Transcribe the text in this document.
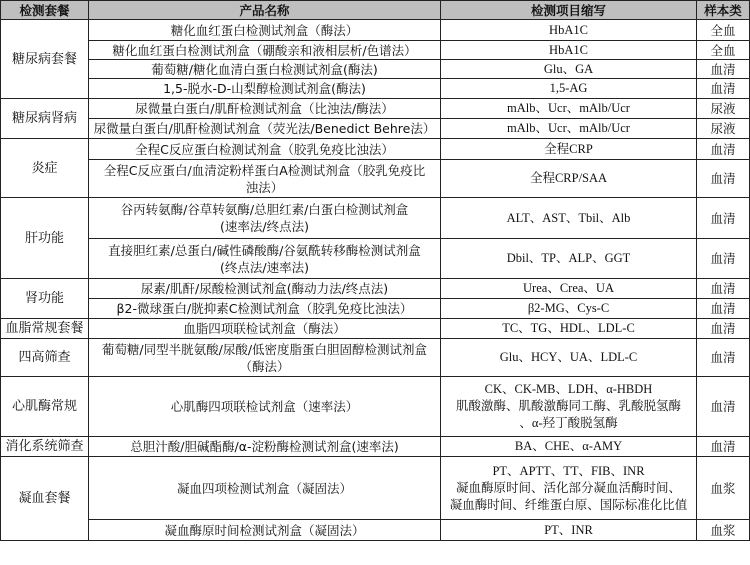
检测套餐	产品名称	检测项目缩写	样本类
糖尿病套餐	糖化血红蛋白检测试剂盒（酶法）	HbA1C	全血

	糖化血红蛋白检测试剂盒（硼酸亲和液相层析/色谱法）	HbA1C	全血

	葡萄糖/糖化血清白蛋白检测试剂盒(酶法)	Glu、GA	血清

	1,5-脱水-D-山梨醇检测试剂盒(酶法)	1,5-AG	血清
糖尿病肾病	尿微量白蛋白/肌酐检测试剂盒（比浊法/酶法）	mAlb、Ucr、mAlb/Ucr	尿液

	尿微量白蛋白/肌酐检测试剂盒（荧光法/Benedict Behre法）	mAlb、Ucr、mAlb/Ucr	尿液
炎症	全程C反应蛋白检测试剂盒（胶乳免疫比浊法）	全程CRP	血清

	全程C反应蛋白/血清淀粉样蛋白A检测试剂盒（胶乳免疫比
浊法）	全程CRP/SAA	血清
肝功能	谷丙转氨酶/谷草转氨酶/总胆红素/白蛋白检测试剂盒
(速率法/终点法)	ALT、AST、Tbil、Alb	血清

	直接胆红素/总蛋白/碱性磷酸酶/谷氨酰转移酶检测试剂盒
(终点法/速率法)	Dbil、TP、ALP、GGT	血清
肾功能	尿素/肌酐/尿酸检测试剂盒(酶动力法/终点法)	Urea、Crea、UA	血清

	β2-微球蛋白/胱抑素C检测试剂盒（胶乳免疫比浊法）	β2-MG、Cys-C	血清
血脂常规套餐	血脂四项联检试剂盒（酶法）	TC、TG、HDL、LDL-C	血清
四高筛查	葡萄糖/同型半胱氨酸/尿酸/低密度脂蛋白胆固醇检测试剂盒
（酶法）	Glu、HCY、UA、LDL-C	血清
心肌酶常规	心肌酶四项联检试剂盒（速率法）	CK、CK-MB、LDH、α-HBDH
肌酸激酶、肌酸激酶同工酶、乳酸脱氢酶
、α-羟丁酸脱氢酶	血清
消化系统筛查	总胆汁酸/胆碱酯酶/α-淀粉酶检测试剂盒(速率法)	BA、CHE、α-AMY	血清
凝血套餐	凝血四项检测试剂盒（凝固法）	PT、APTT、TT、FIB、INR
凝血酶原时间、活化部分凝血活酶时间、
凝血酶时间、纤维蛋白原、国际标准化比值	血浆

	凝血酶原时间检测试剂盒（凝固法）	PT、INR	血浆
